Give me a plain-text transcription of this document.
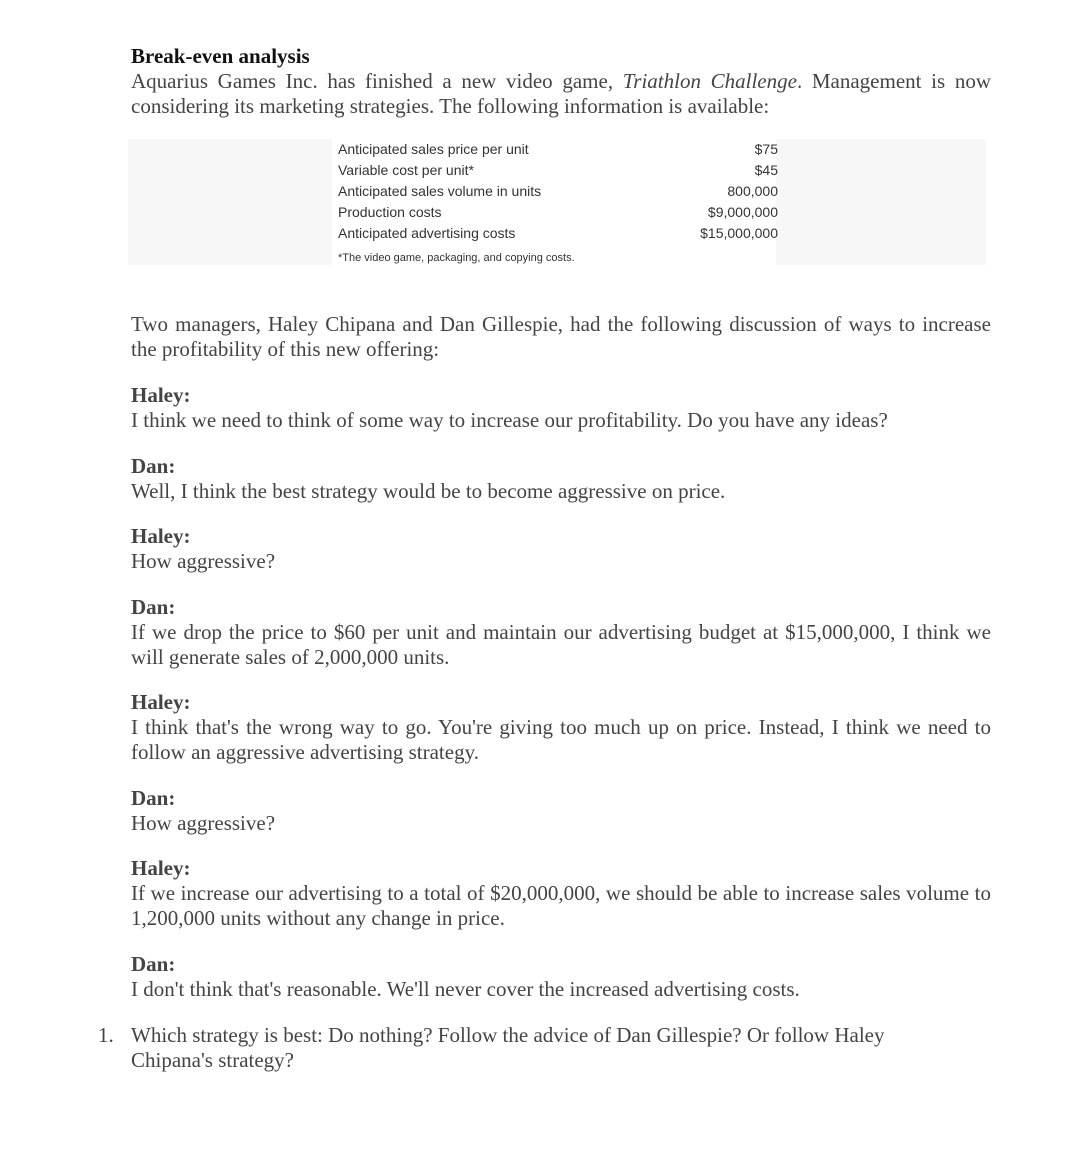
Break-even analysis
Aquarius Games Inc. has finished a new video game, Triathlon Challenge. Management is now considering its marketing strategies. The following information is available:
Anticipated sales price per unit	$75
Variable cost per unit*	$45
Anticipated sales volume in units	800,000
Production costs	$9,000,000
Anticipated advertising costs	$15,000,000
*The video game, packaging, and copying costs.
Two managers, Haley Chipana and Dan Gillespie, had the following discussion of ways to increase the profitability of this new offering:
Haley:
I think we need to think of some way to increase our profitability. Do you have any ideas?
Dan:
Well, I think the best strategy would be to become aggressive on price.
Haley:
How aggressive?
Dan:
If we drop the price to $60 per unit and maintain our advertising budget at $15,000,000, I think we will generate sales of 2,000,000 units.
Haley:
I think that's the wrong way to go. You're giving too much up on price. Instead, I think we need to follow an aggressive advertising strategy.
Dan:
How aggressive?
Haley:
If we increase our advertising to a total of $20,000,000, we should be able to increase sales volume to 1,200,000 units without any change in price.
Dan:
I don't think that's reasonable. We'll never cover the increased advertising costs.
1. Which strategy is best: Do nothing? Follow the advice of Dan Gillespie? Or follow Haley Chipana's strategy?
